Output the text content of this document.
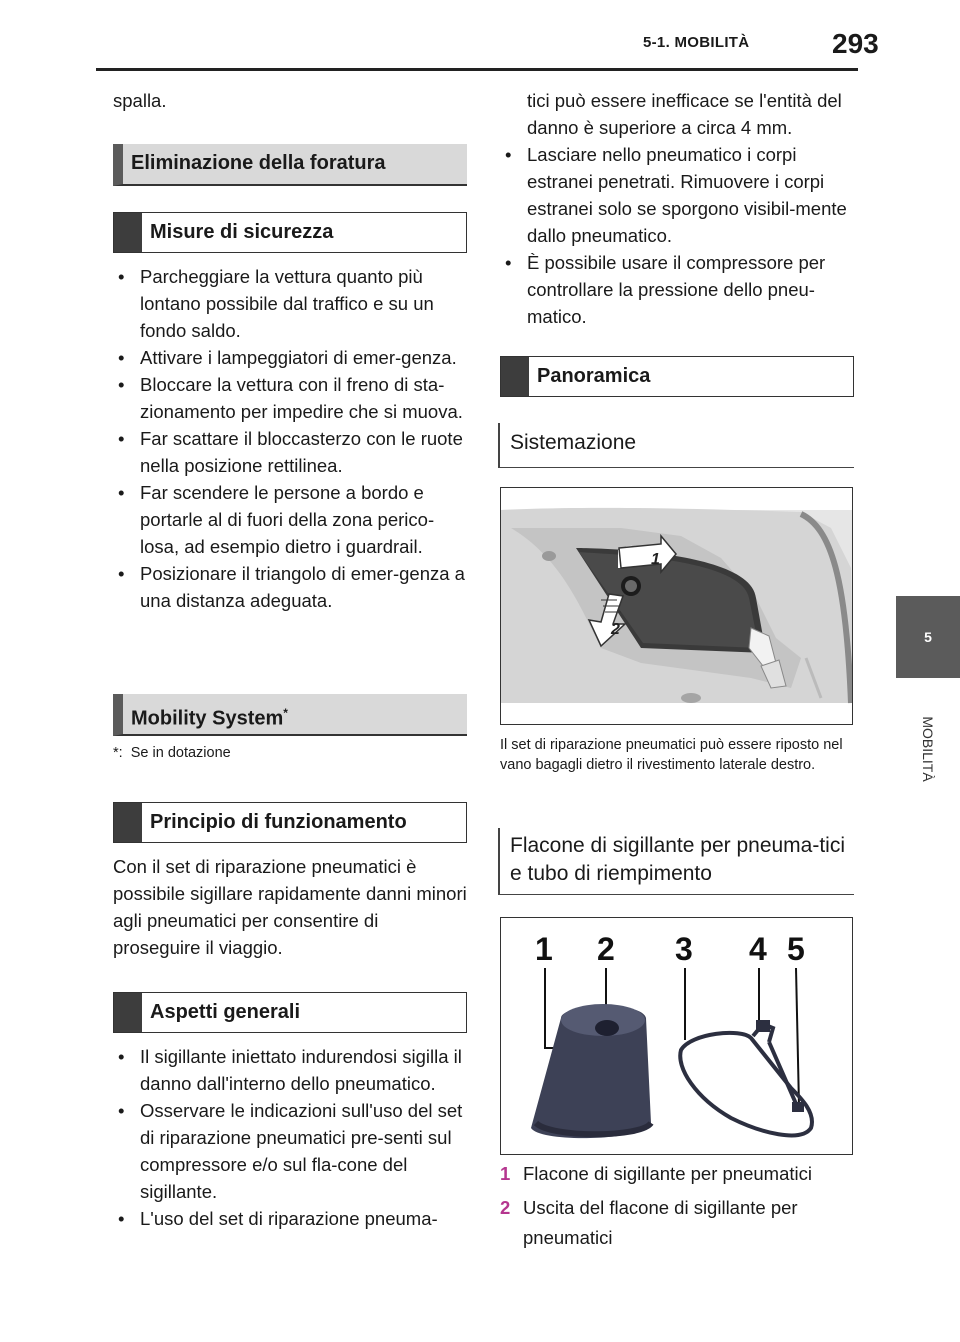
5-1. MOBILITÀ	293
5
MOBILITÀ
spalla.
Eliminazione della foratura
Misure di sicurezza
• Parcheggiare la vettura quanto più lontano possibile dal traffico e su un fondo saldo.
• Attivare i lampeggiatori di emer-genza.
• Bloccare la vettura con il freno di sta-zionamento per impedire che si muova.
• Far scattare il bloccasterzo con le ruote nella posizione rettilinea.
• Far scendere le persone a bordo e portarle al di fuori della zona perico-losa, ad esempio dietro i guardrail.
• Posizionare il triangolo di emer-genza a una distanza adeguata.
Mobility System*
*: Se in dotazione
Principio di funzionamento
Con il set di riparazione pneumatici è possibile sigillare rapidamente danni minori agli pneumatici per consentire di proseguire il viaggio.
Aspetti generali
• Il sigillante iniettato indurendosi sigilla il danno dall'interno dello pneumatico.
• Osservare le indicazioni sull'uso del set di riparazione pneumatici pre-senti sul compressore e/o sul fla-cone del sigillante.
• L'uso del set di riparazione pneuma-
tici può essere inefficace se l'entità del danno è superiore a circa 4 mm.
• Lasciare nello pneumatico i corpi estranei penetrati. Rimuovere i corpi estranei solo se sporgono visibil-mente dallo pneumatico.
• È possibile usare il compressore per controllare la pressione dello pneu-matico.
Panoramica
Sistemazione
1
2
Il set di riparazione pneumatici può essere riposto nel vano bagagli dietro il rivestimento laterale destro.
Flacone di sigillante per pneuma-tici e tubo di riempimento
1 2 3 4 5
1 Flacone di sigillante per pneumatici
2 Uscita del flacone di sigillante per pneumatici
